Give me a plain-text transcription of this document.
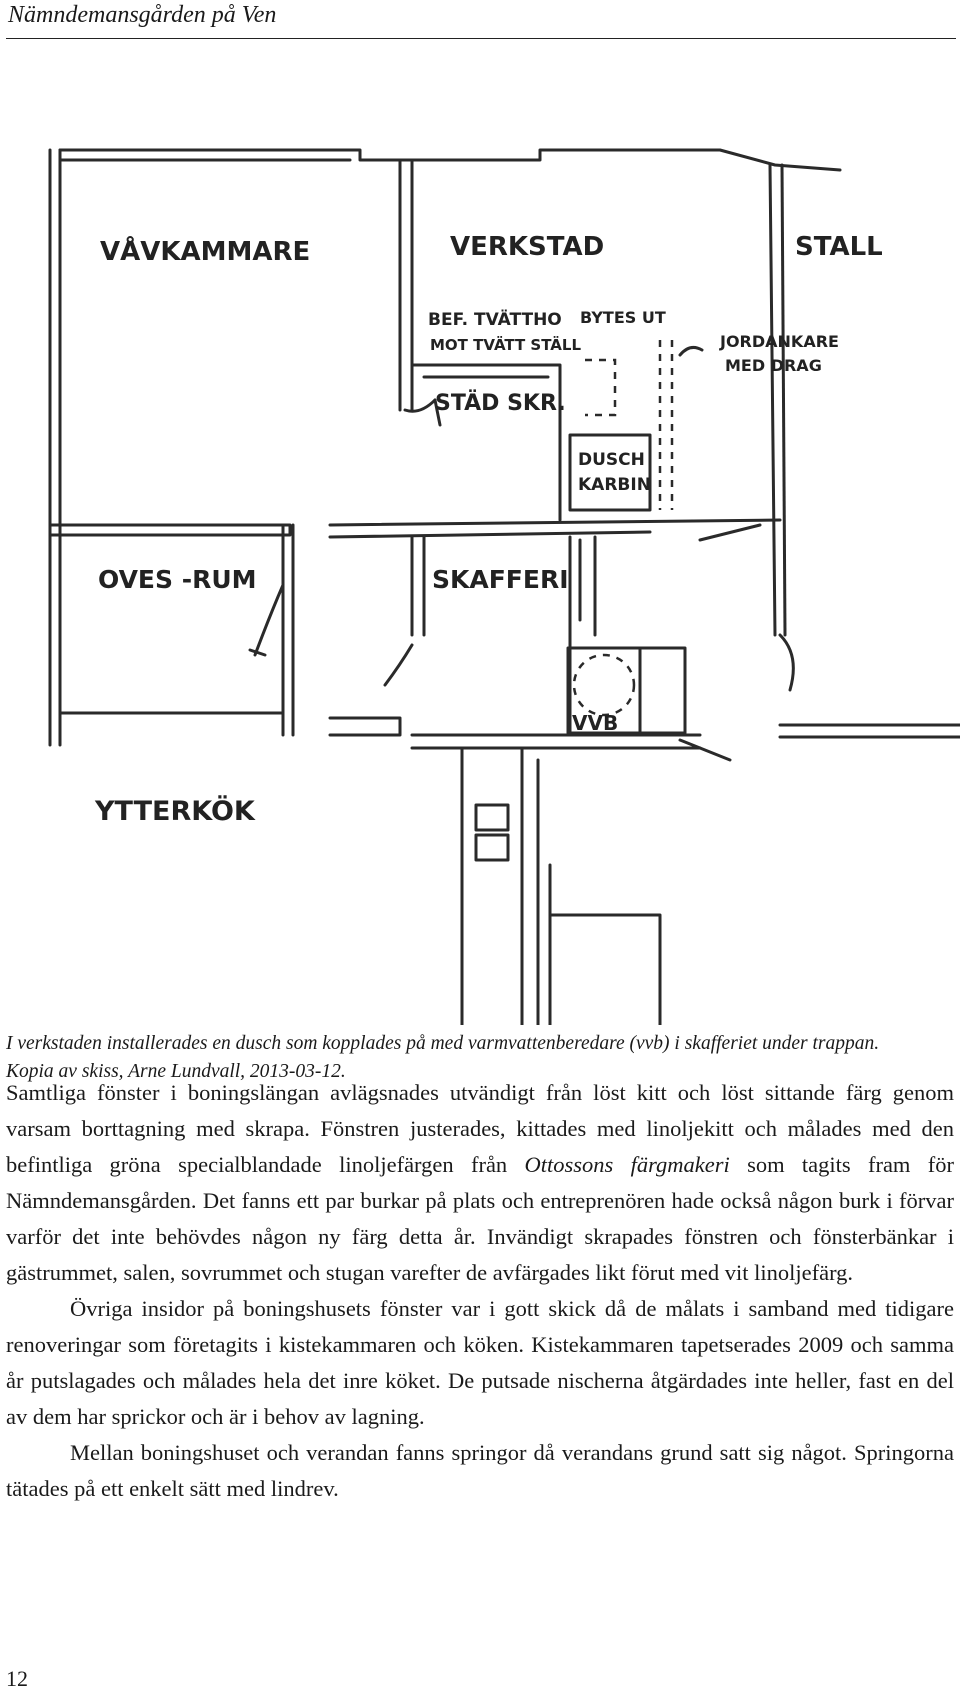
Nämndemansgården på Ven
VÅVKAMMARE	VERKSTAD	STALL
BEF. TVÄTTHO
MOT TVÄTT STÄLL
BYTES UT
JORDANKARE
MED DRAG
STÄD SKR.
DUSCH
KARBIN
OVES -RUM	SKAFFERI
VVB
YTTERKÖK
I verkstaden installerades en dusch som kopplades på med varmvattenberedare (vvb) i skafferiet under trappan.
Kopia av skiss, Arne Lundvall, 2013-03-12.

Samtliga fönster i boningslängan avlägsnades utvändigt från löst kitt och löst sittande färg genom varsam borttagning med skrapa. Fönstren justerades, kittades med linoljekitt och målades med den befintliga gröna specialblandade linoljefärgen från Ottossons färgmakeri som tagits fram för Nämndemansgården. Det fanns ett par burkar på plats och entreprenören hade också någon burk i förvar varför det inte behövdes någon ny färg detta år. Invändigt skrapades fönstren och fönsterbänkar i gästrummet, salen, sovrummet och stugan varefter de avfärgades likt förut med vit linoljefärg.

Övriga insidor på boningshusets fönster var i gott skick då de målats i samband med tidigare renoveringar som företagits i kistekammaren och köken. Kistekammaren tapetserades 2009 och samma år putslagades och målades hela det inre köket. De putsade nischerna åtgärdades inte heller, fast en del av dem har sprickor och är i behov av lagning.

Mellan boningshuset och verandan fanns springor då verandans grund satt sig något. Springorna tätades på ett enkelt sätt med lindrev.

12
